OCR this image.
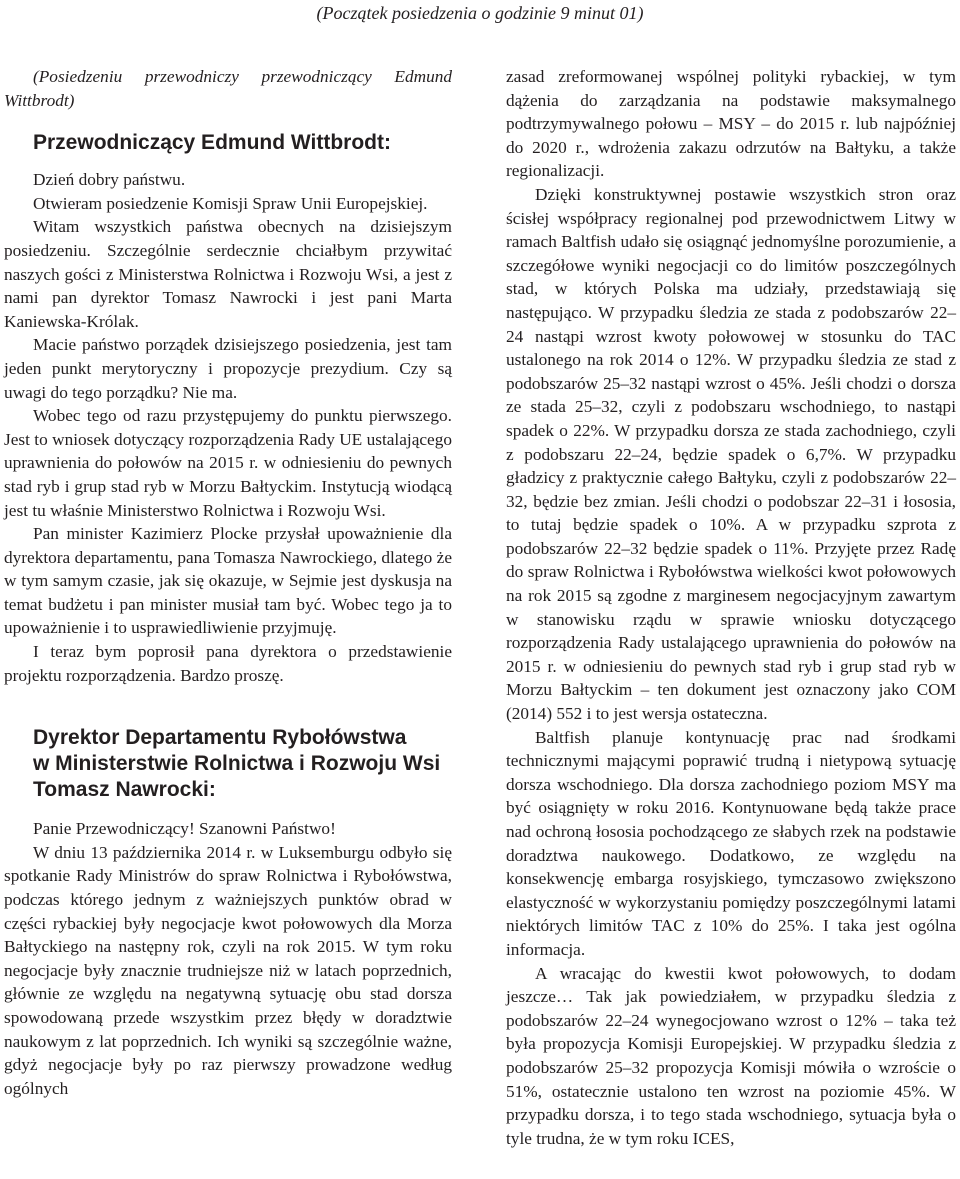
(Początek posiedzenia o godzinie 9 minut 01)

(Posiedzeniu przewodniczy przewodniczący Edmund Wittbrodt)

Przewodniczący Edmund Wittbrodt:

Dzień dobry państwu.

Otwieram posiedzenie Komisji Spraw Unii Europejskiej.

Witam wszystkich państwa obecnych na dzisiejszym posiedzeniu. Szczególnie serdecznie chciałbym przywitać naszych gości z Ministerstwa Rolnictwa i Rozwoju Wsi, a jest z nami pan dyrektor Tomasz Nawrocki i jest pani Marta Kaniewska-Królak.

Macie państwo porządek dzisiejszego posiedzenia, jest tam jeden punkt merytoryczny i propozycje prezydium. Czy są uwagi do tego porządku? Nie ma.

Wobec tego od razu przystępujemy do punktu pierwszego. Jest to wniosek dotyczący rozporządzenia Rady UE ustalającego uprawnienia do połowów na 2015 r. w odniesieniu do pewnych stad ryb i grup stad ryb w Morzu Bałtyckim. Instytucją wiodącą jest tu właśnie Ministerstwo Rolnictwa i Rozwoju Wsi.

Pan minister Kazimierz Plocke przysłał upoważnienie dla dyrektora departamentu, pana Tomasza Nawrockiego, dlatego że w tym samym czasie, jak się okazuje, w Sejmie jest dyskusja na temat budżetu i pan minister musiał tam być. Wobec tego ja to upoważnienie i to usprawiedliwienie przyjmuję.

I teraz bym poprosił pana dyrektora o przedstawienie projektu rozporządzenia. Bardzo proszę.

Dyrektor Departamentu Rybołówstwa
w Ministerstwie Rolnictwa i Rozwoju Wsi
Tomasz Nawrocki:

Panie Przewodniczący! Szanowni Państwo!

W dniu 13 października 2014 r. w Luksemburgu odbyło się spotkanie Rady Ministrów do spraw Rolnictwa i Rybołówstwa, podczas którego jednym z ważniejszych punktów obrad w części rybackiej były negocjacje kwot połowowych dla Morza Bałtyckiego na następny rok, czyli na rok 2015. W tym roku negocjacje były znacznie trudniejsze niż w latach poprzednich, głównie ze względu na negatywną sytuację obu stad dorsza spowodowaną przede wszystkim przez błędy w doradztwie naukowym z lat poprzednich. Ich wyniki są szczególnie ważne, gdyż negocjacje były po raz pierwszy prowadzone według ogólnych

zasad zreformowanej wspólnej polityki rybackiej, w tym dążenia do zarządzania na podstawie maksymalnego podtrzymywalnego połowu – MSY – do 2015 r. lub najpóźniej do 2020 r., wdrożenia zakazu odrzutów na Bałtyku, a także regionalizacji.

Dzięki konstruktywnej postawie wszystkich stron oraz ścisłej współpracy regionalnej pod przewodnictwem Litwy w ramach Baltfish udało się osiągnąć jednomyślne porozumienie, a szczegółowe wyniki negocjacji co do limitów poszczególnych stad, w których Polska ma udziały, przedstawiają się następująco. W przypadku śledzia ze stada z podobszarów 22–24 nastąpi wzrost kwoty połowowej w stosunku do TAC ustalonego na rok 2014 o 12%. W przypadku śledzia ze stad z podobszarów 25–32 nastąpi wzrost o 45%. Jeśli chodzi o dorsza ze stada 25–32, czyli z podobszaru wschodniego, to nastąpi spadek o 22%. W przypadku dorsza ze stada zachodniego, czyli z podobszaru 22–24, będzie spadek o 6,7%. W przypadku gładzicy z praktycznie całego Bałtyku, czyli z podobszarów 22–32, będzie bez zmian. Jeśli chodzi o podobszar 22–31 i łososia, to tutaj będzie spadek o 10%. A w przypadku szprota z podobszarów 22–32 będzie spadek o 11%. Przyjęte przez Radę do spraw Rolnictwa i Rybołówstwa wielkości kwot połowowych na rok 2015 są zgodne z marginesem negocjacyjnym zawartym w stanowisku rządu w sprawie wniosku dotyczącego rozporządzenia Rady ustalającego uprawnienia do połowów na 2015 r. w odniesieniu do pewnych stad ryb i grup stad ryb w Morzu Bałtyckim – ten dokument jest oznaczony jako COM (2014) 552 i to jest wersja ostateczna.

Baltfish planuje kontynuację prac nad środkami technicznymi mającymi poprawić trudną i nietypową sytuację dorsza wschodniego. Dla dorsza zachodniego poziom MSY ma być osiągnięty w roku 2016. Kontynuowane będą także prace nad ochroną łososia pochodzącego ze słabych rzek na podstawie doradztwa naukowego. Dodatkowo, ze względu na konsekwencję embarga rosyjskiego, tymczasowo zwiększono elastyczność w wykorzystaniu pomiędzy poszczególnymi latami niektórych limitów TAC z 10% do 25%. I taka jest ogólna informacja.

A wracając do kwestii kwot połowowych, to dodam jeszcze… Tak jak powiedziałem, w przypadku śledzia z podobszarów 22–24 wynegocjowano wzrost o 12% – taka też była propozycja Komisji Europejskiej. W przypadku śledzia z podobszarów 25–32 propozycja Komisji mówiła o wzroście o 51%, ostatecznie ustalono ten wzrost na poziomie 45%. W przypadku dorsza, i to tego stada wschodniego, sytuacja była o tyle trudna, że w tym roku ICES,
